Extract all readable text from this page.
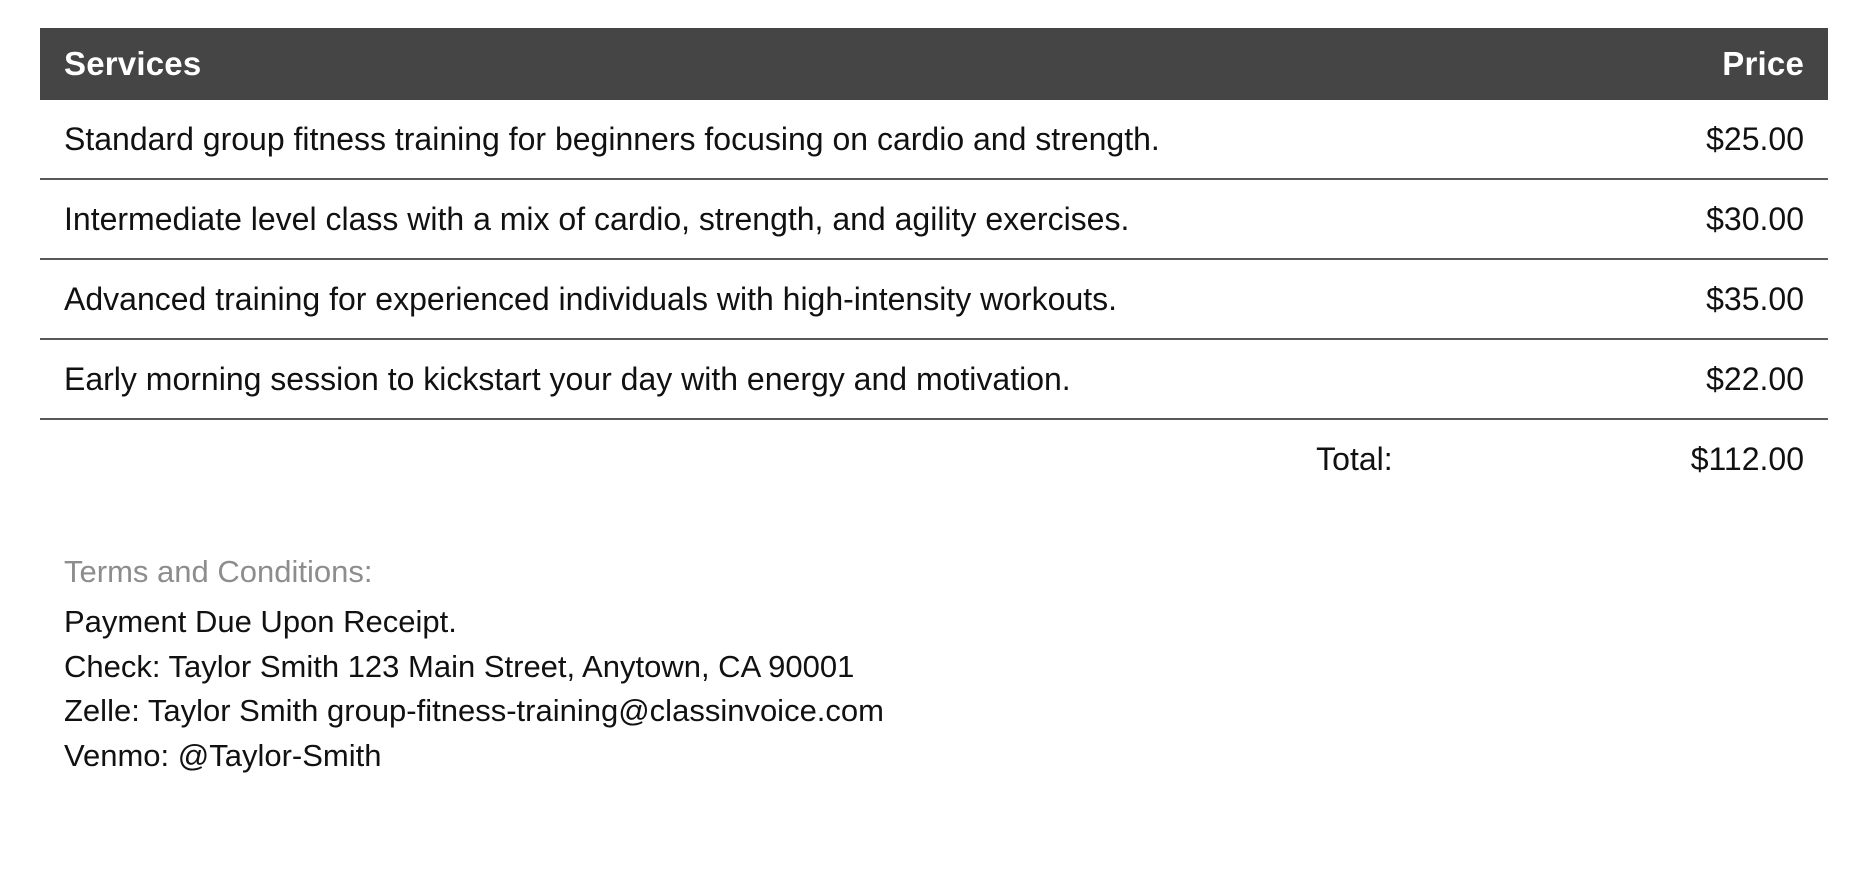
Services	Price
Standard group fitness training for beginners focusing on cardio and strength.	$25.00
Intermediate level class with a mix of cardio, strength, and agility exercises.	$30.00
Advanced training for experienced individuals with high-intensity workouts.	$35.00
Early morning session to kickstart your day with energy and motivation.	$22.00
Total:	$112.00
Terms and Conditions:
Payment Due Upon Receipt.
Check: Taylor Smith 123 Main Street, Anytown, CA 90001
Zelle: Taylor Smith group-fitness-training@classinvoice.com
Venmo: @Taylor-Smith
